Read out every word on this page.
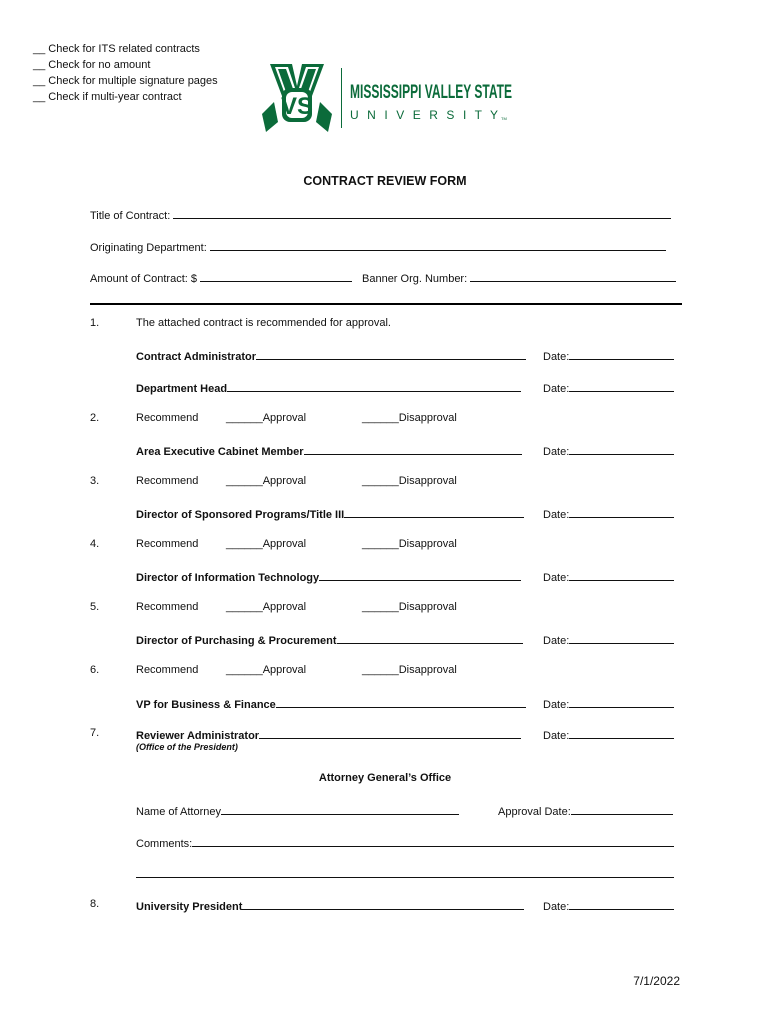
__ Check for ITS related contracts
__ Check for no amount
__ Check for multiple signature pages
__ Check if multi-year contract	VS
MISSISSIPPI VALLEY STATE
U N I V E R S I T Y TM
CONTRACT REVIEW FORM
Title of Contract:
Originating Department:
Amount of Contract: $	Banner Org. Number:
1.	The attached contract is recommended for approval.
Contract Administrator	Date:
Department Head	Date:
2.	Recommend	______Approval	______Disapproval
Area Executive Cabinet Member	Date:
3.	Recommend	______Approval	______Disapproval
Director of Sponsored Programs/Title III	Date:
4.	Recommend	______Approval	______Disapproval
Director of Information Technology	Date:
5.	Recommend	______Approval	______Disapproval
Director of Purchasing & Procurement	Date:
6.	Recommend	______Approval	______Disapproval
VP for Business & Finance	Date:
7.	Reviewer Administrator	Date:
(Office of the President)
Attorney General’s Office
Name of Attorney	Approval Date:
Comments:
8.	University President	Date:
7/1/2022
